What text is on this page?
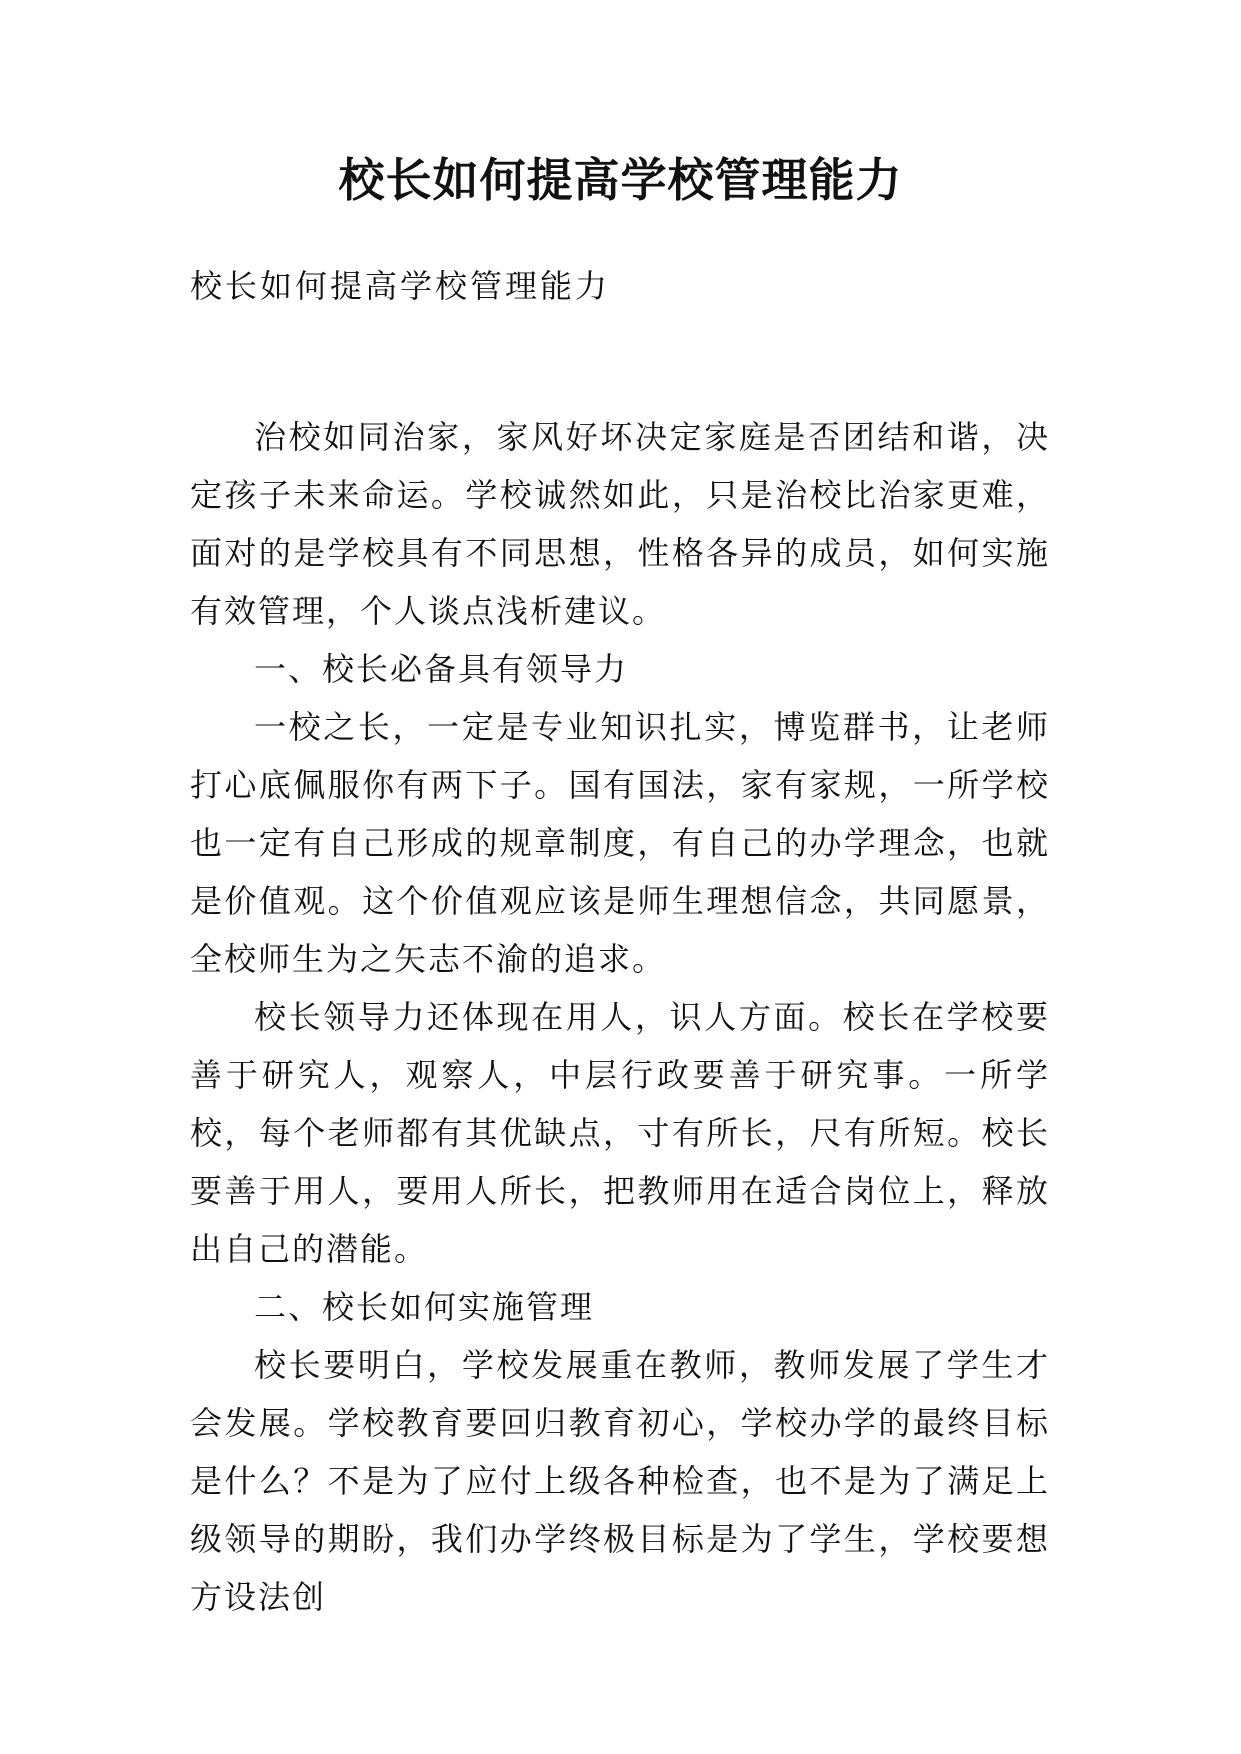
校长如何提高学校管理能力
校长如何提高学校管理能力

治校如同治家，家风好坏决定家庭是否团结和谐，决定孩子未来命运。学校诚然如此，只是治校比治家更难，面对的是学校具有不同思想，性格各异的成员，如何实施有效管理，个人谈点浅析建议。

一、校长必备具有领导力

一校之长，一定是专业知识扎实，博览群书，让老师打心底佩服你有两下子。国有国法，家有家规，一所学校也一定有自己形成的规章制度，有自己的办学理念，也就是价值观。这个价值观应该是师生理想信念，共同愿景，全校师生为之矢志不渝的追求。

校长领导力还体现在用人，识人方面。校长在学校要善于研究人，观察人，中层行政要善于研究事。一所学校，每个老师都有其优缺点，寸有所长，尺有所短。校长要善于用人，要用人所长，把教师用在适合岗位上，释放出自己的潜能。

二、校长如何实施管理

校长要明白，学校发展重在教师，教师发展了学生才会发展。学校教育要回归教育初心，学校办学的最终目标是什么？不是为了应付上级各种检查，也不是为了满足上级领导的期盼，我们办学终极目标是为了学生，学校要想方设法创
